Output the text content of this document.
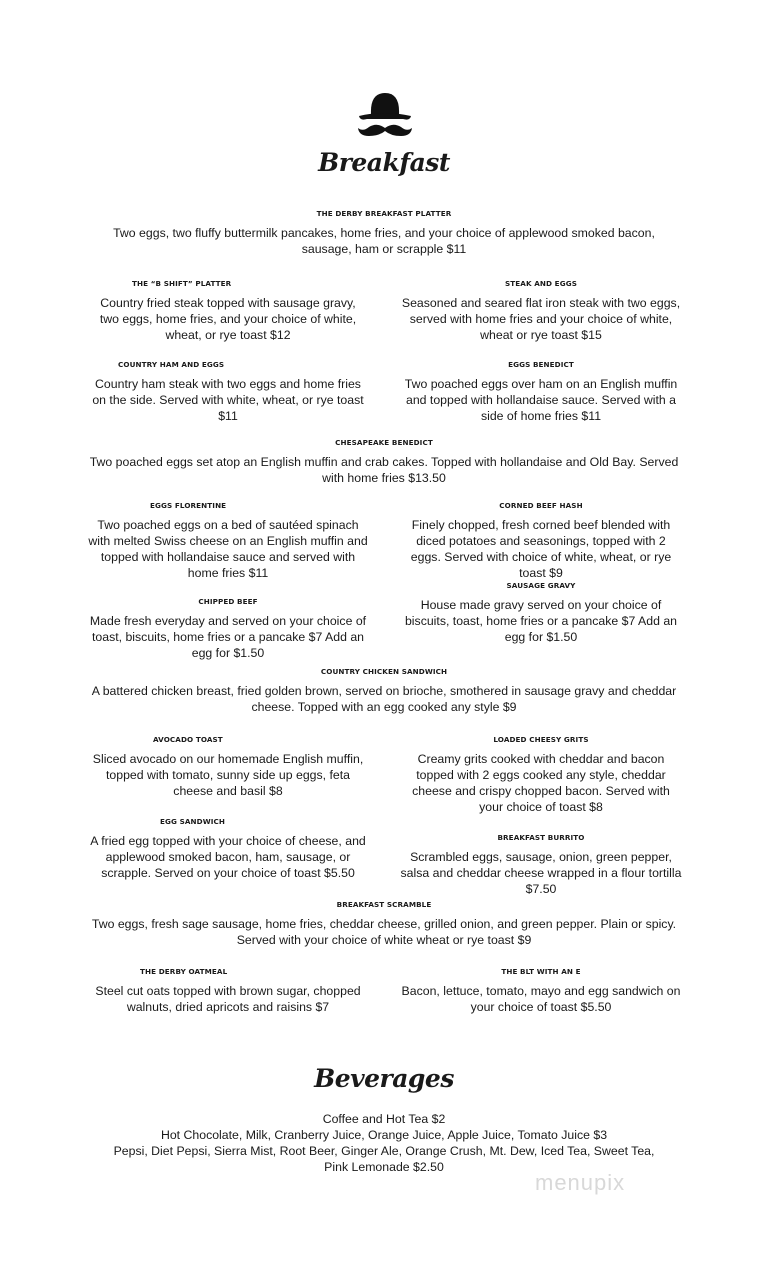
Breakfast
THE DERBY BREAKFAST PLATTER
Two eggs, two fluffy buttermilk pancakes, home fries, and your choice of applewood smoked bacon, sausage, ham or scrapple $11
THE “B SHIFT” PLATTER
Country fried steak topped with sausage gravy, two eggs, home fries, and your choice of white, wheat, or rye toast $12
STEAK AND EGGS
Seasoned and seared flat iron steak with two eggs, served with home fries and your choice of white, wheat or rye toast $15
COUNTRY HAM AND EGGS
Country ham steak with two eggs and home fries on the side. Served with white, wheat, or rye toast $11
EGGS BENEDICT
Two poached eggs over ham on an English muffin and topped with hollandaise sauce. Served with a side of home fries $11
CHESAPEAKE BENEDICT
Two poached eggs set atop an English muffin and crab cakes. Topped with hollandaise and Old Bay. Served with home fries $13.50
EGGS FLORENTINE
Two poached eggs on a bed of sautéed spinach with melted Swiss cheese on an English muffin and topped with hollandaise sauce and served with home fries $11
CORNED BEEF HASH
Finely chopped, fresh corned beef blended with diced potatoes and seasonings, topped with 2 eggs. Served with choice of white, wheat, or rye toast $9
SAUSAGE GRAVY
House made gravy served on your choice of biscuits, toast, home fries or a pancake $7 Add an egg for $1.50
CHIPPED BEEF
Made fresh everyday and served on your choice of toast, biscuits, home fries or a pancake $7 Add an egg for $1.50
COUNTRY CHICKEN SANDWICH
A battered chicken breast, fried golden brown, served on brioche, smothered in sausage gravy and cheddar cheese. Topped with an egg cooked any style $9
AVOCADO TOAST
Sliced avocado on our homemade English muffin, topped with tomato, sunny side up eggs, feta cheese and basil $8
LOADED CHEESY GRITS
Creamy grits cooked with cheddar and bacon topped with 2 eggs cooked any style, cheddar cheese and crispy chopped bacon. Served with your choice of toast $8
EGG SANDWICH
A fried egg topped with your choice of cheese, and applewood smoked bacon, ham, sausage, or scrapple. Served on your choice of toast $5.50
BREAKFAST BURRITO
Scrambled eggs, sausage, onion, green pepper, salsa and cheddar cheese wrapped in a flour tortilla $7.50
BREAKFAST SCRAMBLE
Two eggs, fresh sage sausage, home fries, cheddar cheese, grilled onion, and green pepper. Plain or spicy. Served with your choice of white wheat or rye toast $9
THE DERBY OATMEAL
Steel cut oats topped with brown sugar, chopped walnuts, dried apricots and raisins $7
THE BLT WITH AN E
Bacon, lettuce, tomato, mayo and egg sandwich on your choice of toast $5.50
Beverages
Coffee and Hot Tea $2
Hot Chocolate, Milk, Cranberry Juice, Orange Juice, Apple Juice, Tomato Juice $3
Pepsi, Diet Pepsi, Sierra Mist, Root Beer, Ginger Ale, Orange Crush, Mt. Dew, Iced Tea, Sweet Tea, Pink Lemonade $2.50
menupix
